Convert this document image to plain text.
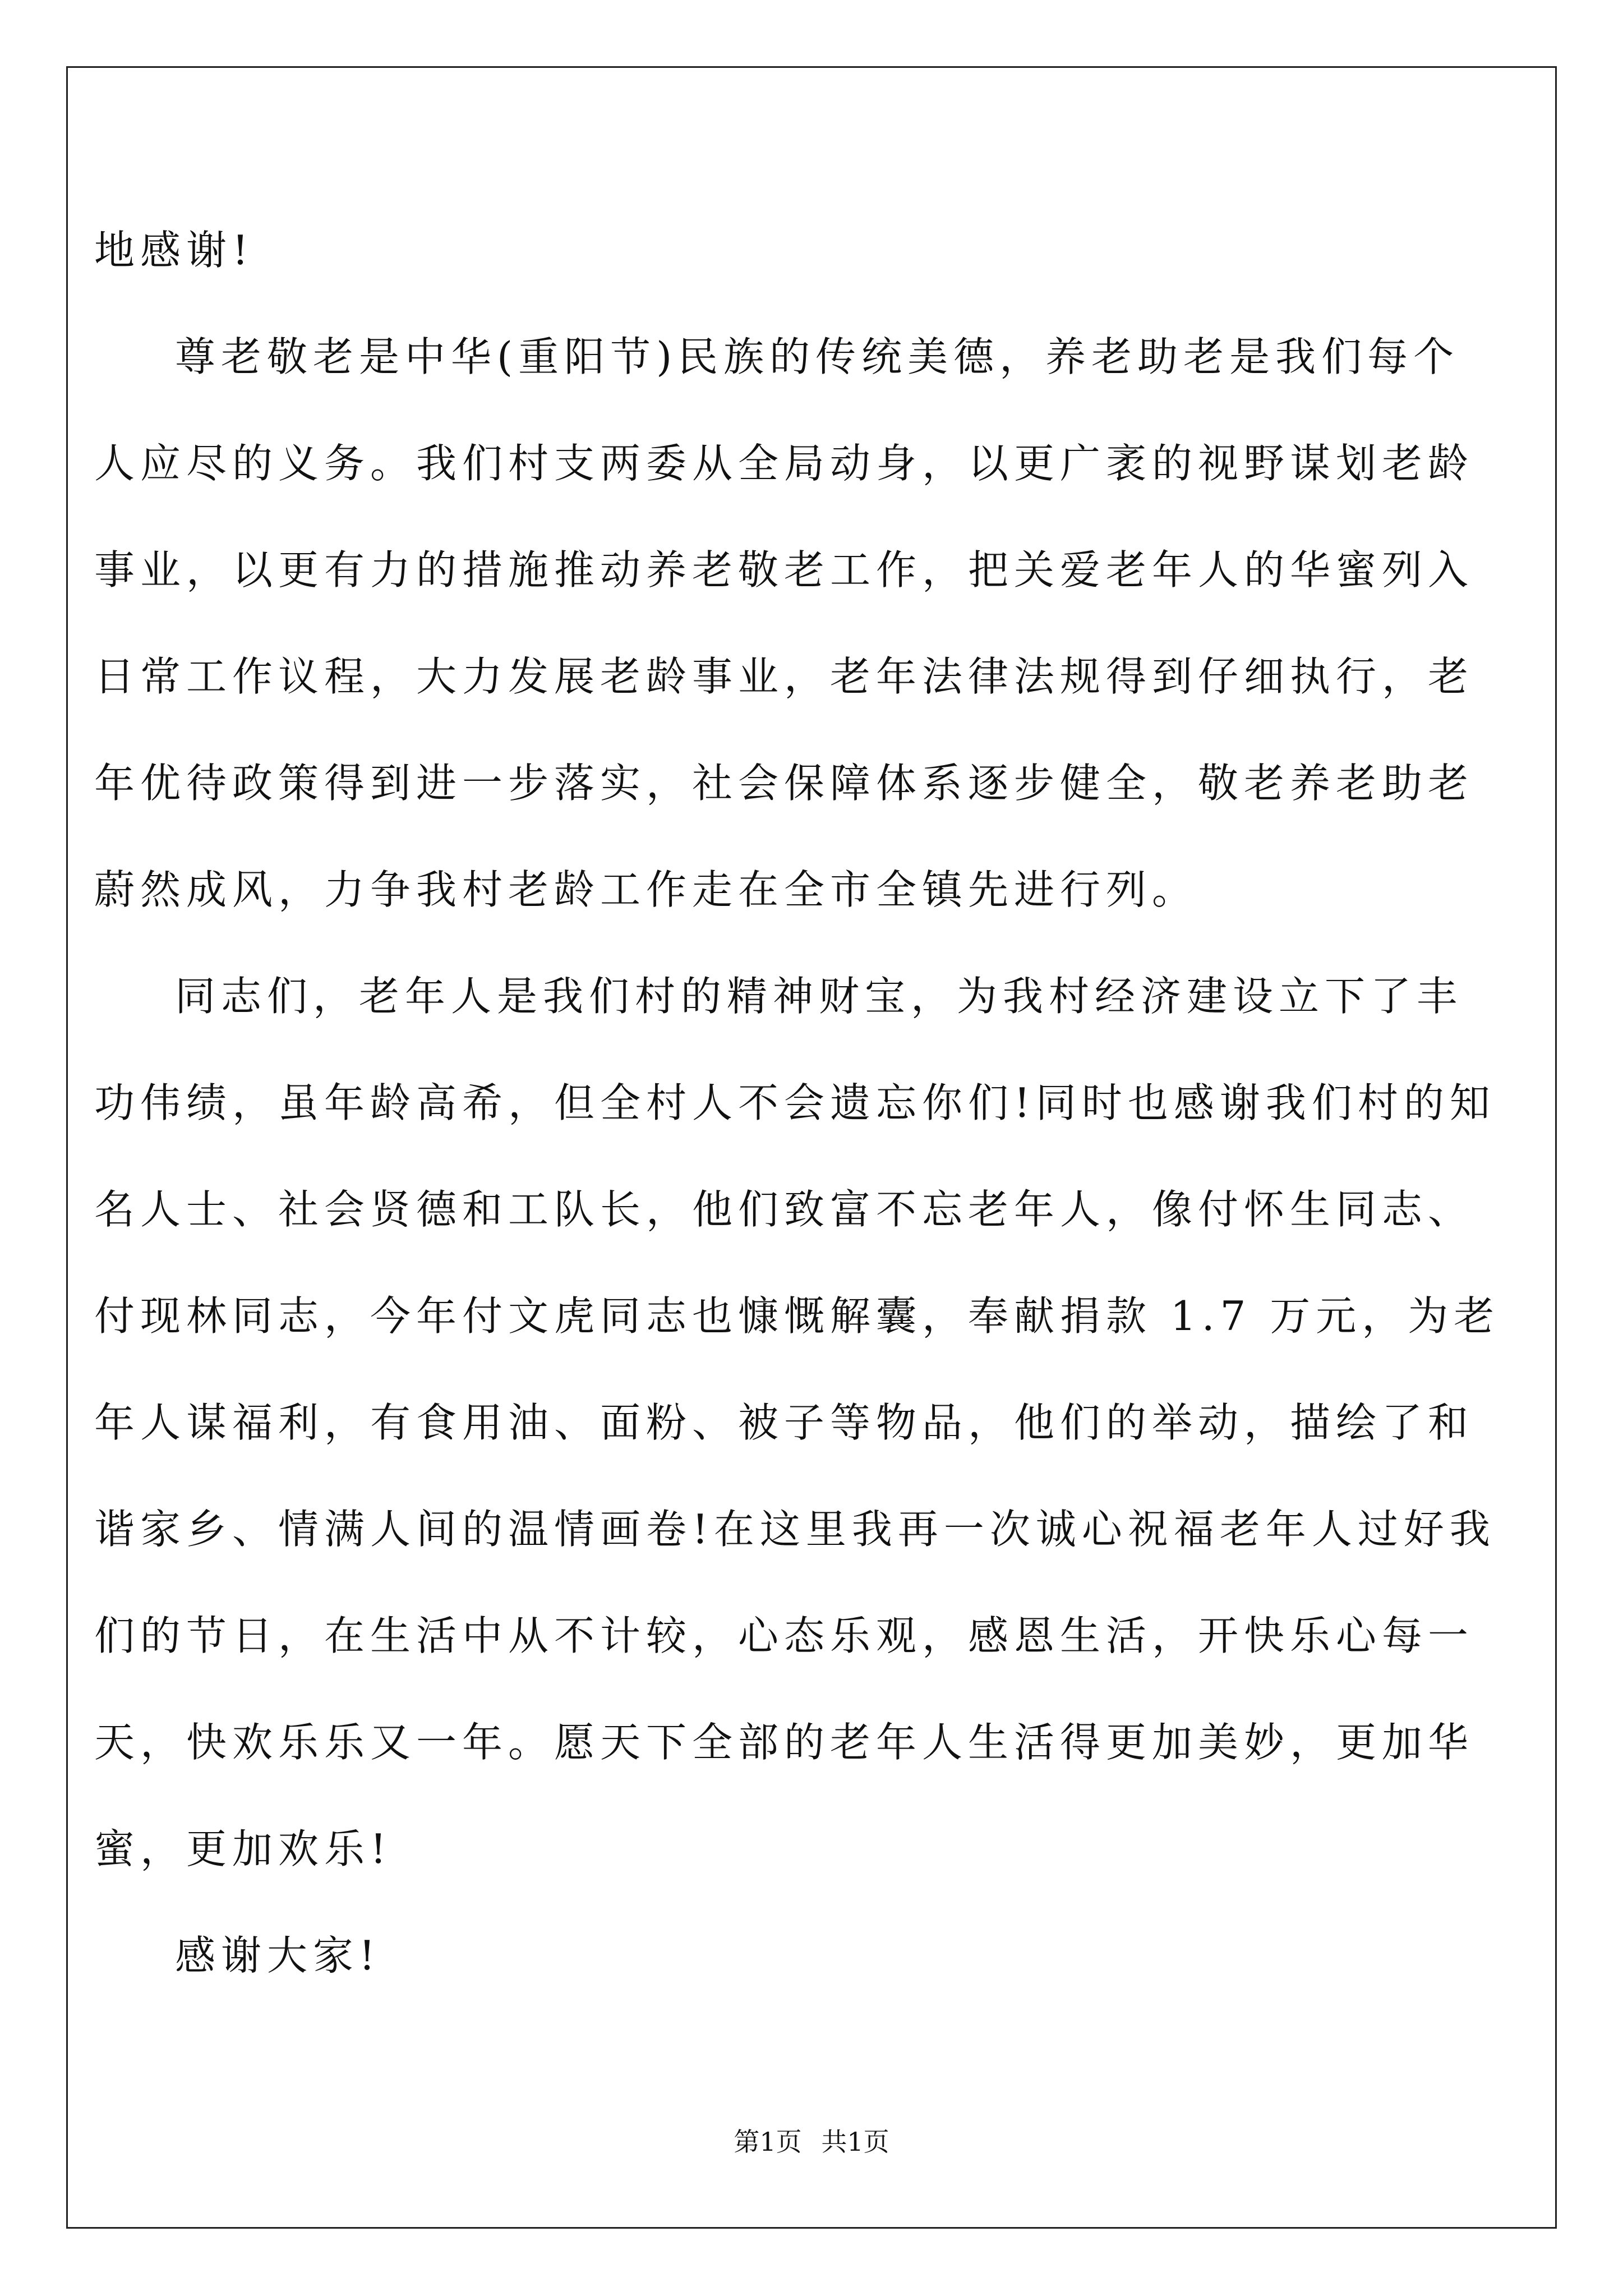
地感谢!
尊老敬老是中华(重阳节)民族的传统美德，养老助老是我们每个
人应尽的义务。我们村支两委从全局动身，以更广袤的视野谋划老龄
事业，以更有力的措施推动养老敬老工作，把关爱老年人的华蜜列入
日常工作议程，大力发展老龄事业，老年法律法规得到仔细执行，老
年优待政策得到进一步落实，社会保障体系逐步健全，敬老养老助老
蔚然成风，力争我村老龄工作走在全市全镇先进行列。
同志们，老年人是我们村的精神财宝，为我村经济建设立下了丰
功伟绩，虽年龄高希，但全村人不会遗忘你们!同时也感谢我们村的知
名人士、社会贤德和工队长，他们致富不忘老年人，像付怀生同志、
付现林同志，今年付文虎同志也慷慨解囊，奉献捐款 1.7 万元，为老
年人谋福利，有食用油、面粉、被子等物品，他们的举动，描绘了和
谐家乡、情满人间的温情画卷!在这里我再一次诚心祝福老年人过好我
们的节日，在生活中从不计较，心态乐观，感恩生活，开快乐心每一
天，快欢乐乐又一年。愿天下全部的老年人生活得更加美妙，更加华
蜜，更加欢乐!
感谢大家!
第1页 共1页
